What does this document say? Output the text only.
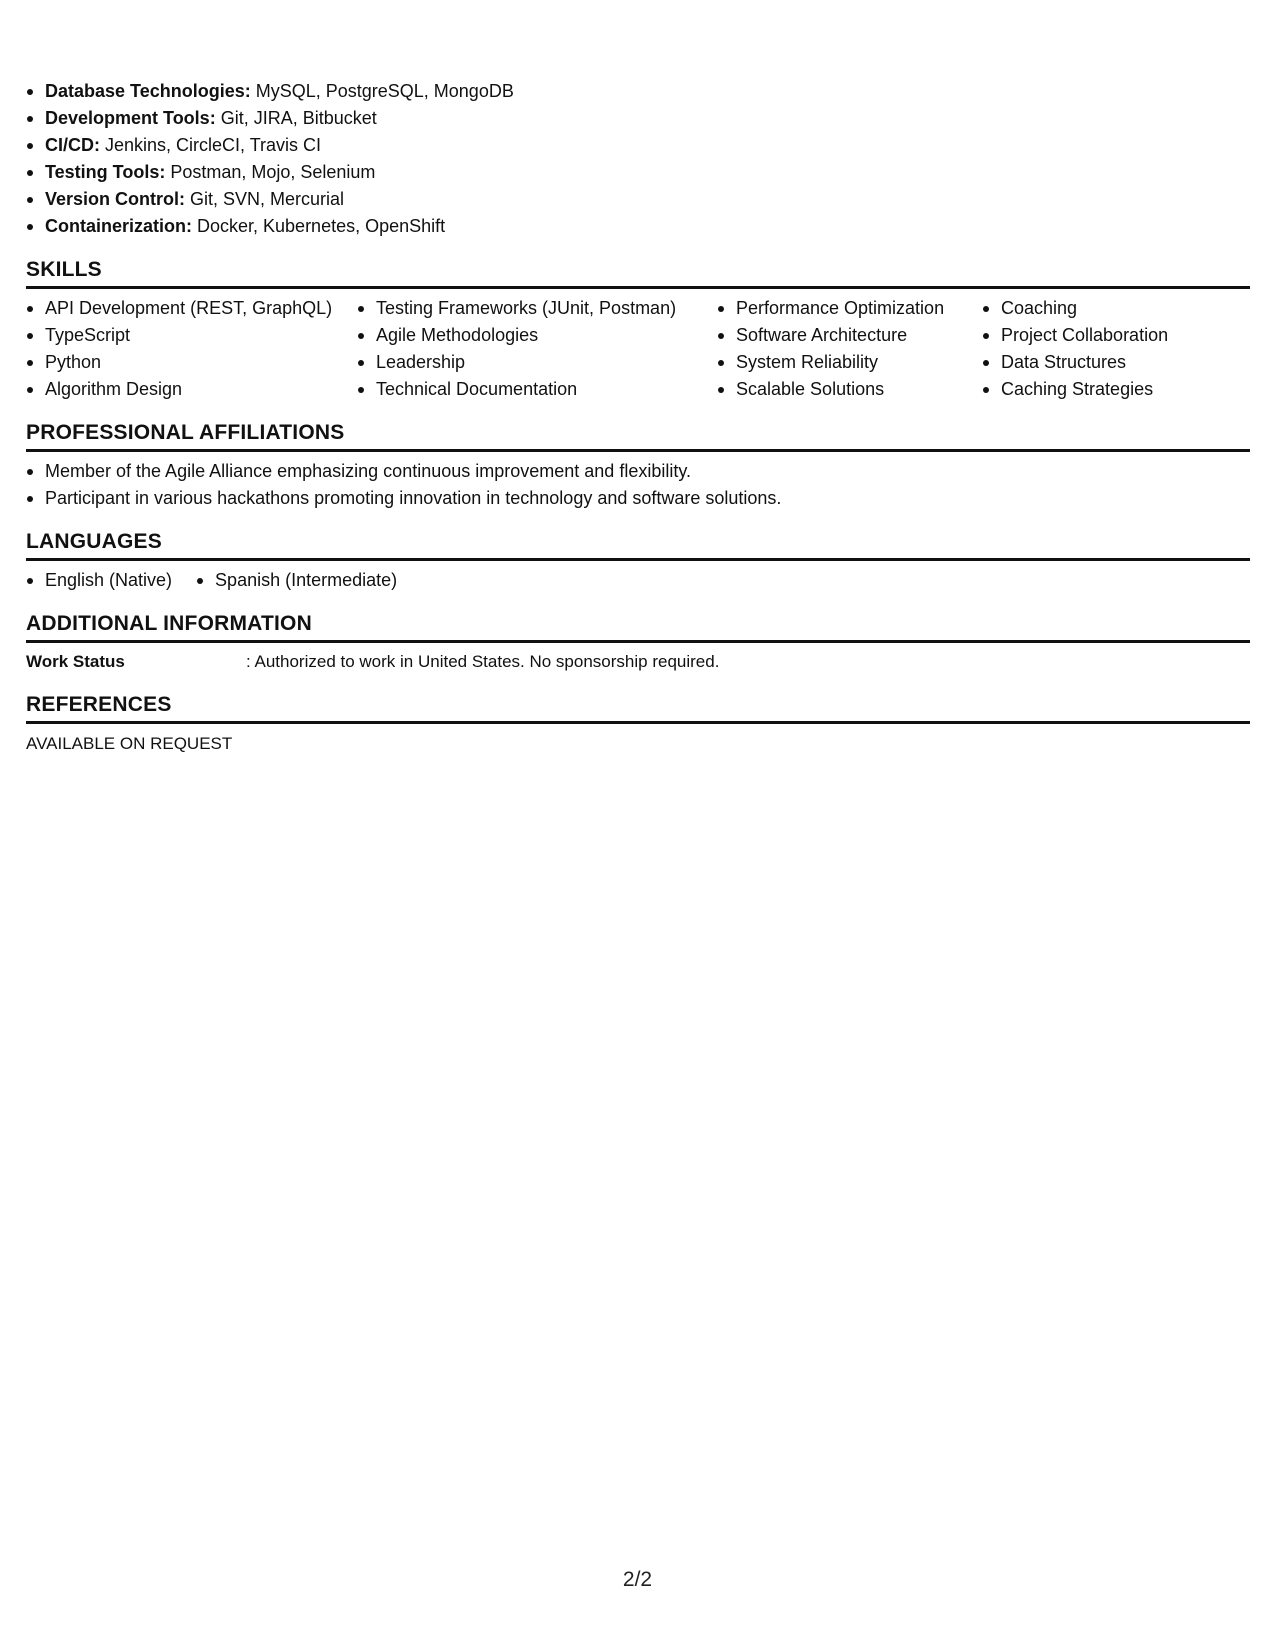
Database Technologies: MySQL, PostgreSQL, MongoDB
Development Tools: Git, JIRA, Bitbucket
CI/CD: Jenkins, CircleCI, Travis CI
Testing Tools: Postman, Mojo, Selenium
Version Control: Git, SVN, Mercurial
Containerization: Docker, Kubernetes, OpenShift
SKILLS
API Development (REST, GraphQL)
TypeScript
Python
Algorithm Design
Testing Frameworks (JUnit, Postman)
Agile Methodologies
Leadership
Technical Documentation
Performance Optimization
Software Architecture
System Reliability
Scalable Solutions
Coaching
Project Collaboration
Data Structures
Caching Strategies
PROFESSIONAL AFFILIATIONS
Member of the Agile Alliance emphasizing continuous improvement and flexibility.
Participant in various hackathons promoting innovation in technology and software solutions.
LANGUAGES
English (Native)	Spanish (Intermediate)
ADDITIONAL INFORMATION
Work Status	: Authorized to work in United States. No sponsorship required.
REFERENCES
AVAILABLE ON REQUEST
2/2
